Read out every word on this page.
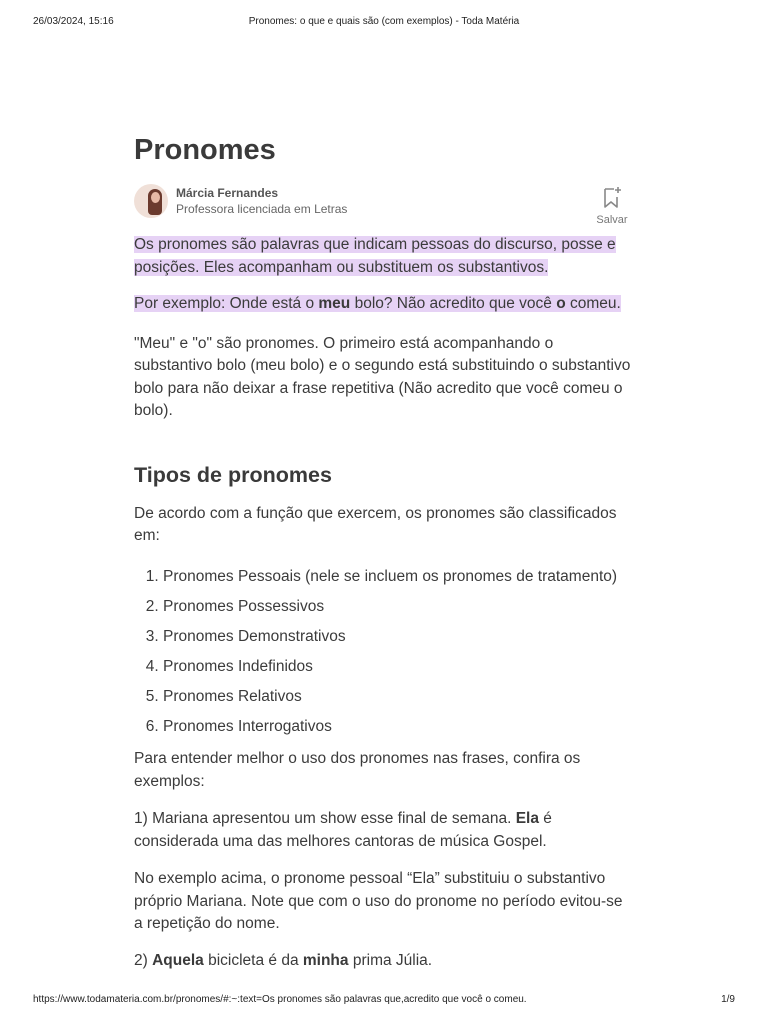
26/03/2024, 15:16	Pronomes: o que e quais são (com exemplos) - Toda Matéria
Pronomes
Márcia Fernandes
Professora licenciada em Letras
Salvar

Os pronomes são palavras que indicam pessoas do discurso, posse e posições. Eles acompanham ou substituem os substantivos.

Por exemplo: Onde está o meu bolo? Não acredito que você o comeu.

"Meu" e "o" são pronomes. O primeiro está acompanhando o substantivo bolo (meu bolo) e o segundo está substituindo o substantivo bolo para não deixar a frase repetitiva (Não acredito que você comeu o bolo).

Tipos de pronomes

De acordo com a função que exercem, os pronomes são classificados em:

1. Pronomes Pessoais (nele se incluem os pronomes de tratamento)
2. Pronomes Possessivos
3. Pronomes Demonstrativos
4. Pronomes Indefinidos
5. Pronomes Relativos
6. Pronomes Interrogativos

Para entender melhor o uso dos pronomes nas frases, confira os exemplos:

1) Mariana apresentou um show esse final de semana. Ela é considerada uma das melhores cantoras de música Gospel.

No exemplo acima, o pronome pessoal “Ela” substituiu o substantivo próprio Mariana. Note que com o uso do pronome no período evitou-se a repetição do nome.

2) Aquela bicicleta é da minha prima Júlia.

https://www.todamateria.com.br/pronomes/#:~:text=Os pronomes são palavras que,acredito que você o comeu.	1/9
